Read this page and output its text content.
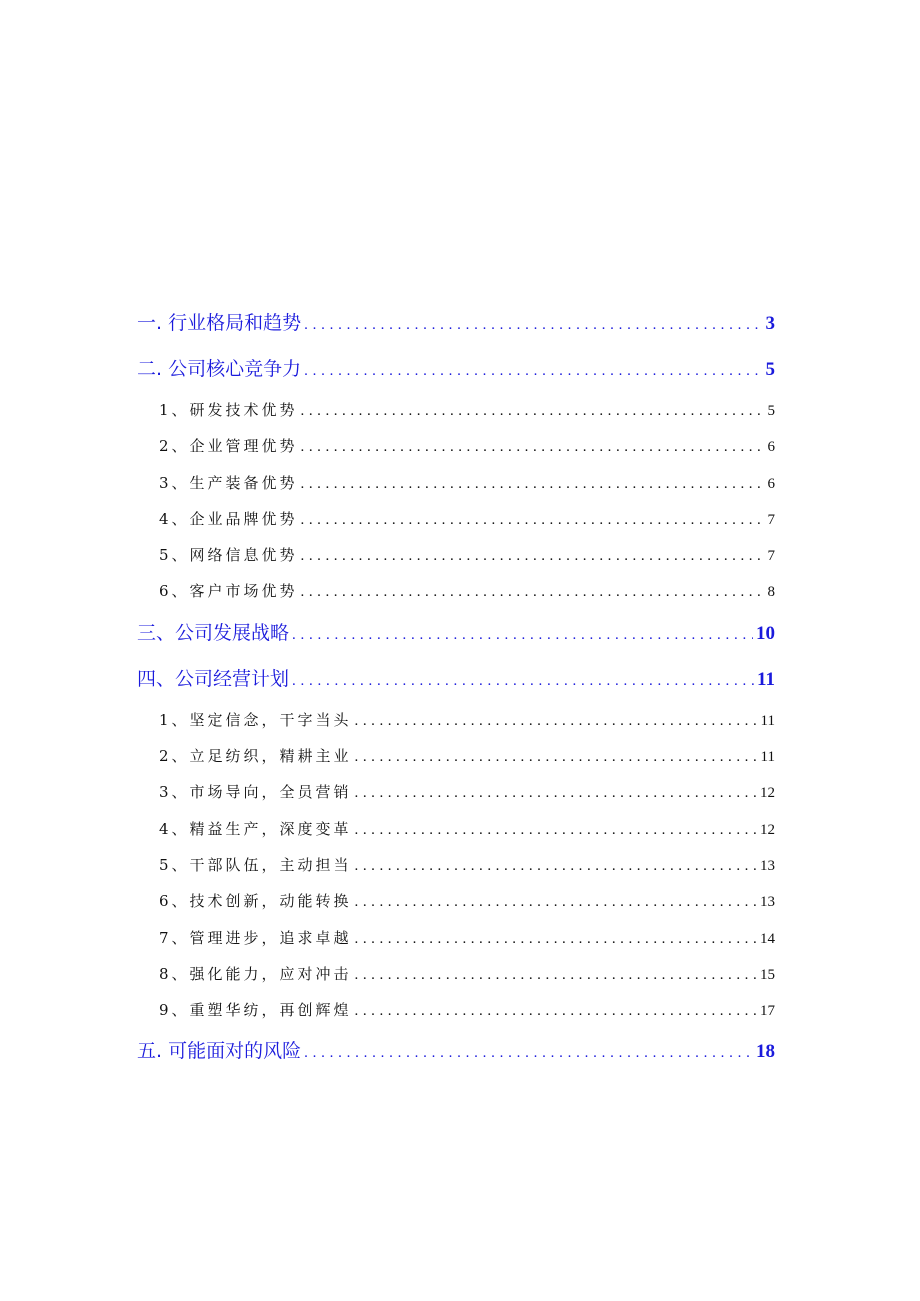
一. 行业格局和趋势 . . .	3
二. 公司核心竞争力 . . .	5
1、研发技术优势 . . .	5
2、企业管理优势 . . .	6
3、生产装备优势 . . .	6
4、企业品牌优势 . . .	7
5、网络信息优势 . . .	7
6、客户市场优势 . . .	8
三、公司发展战略 . . .	10
四、公司经营计划 . . .	11
1、坚定信念，干字当头 . . .	11
2、立足纺织，精耕主业 . . .	11
3、市场导向，全员营销 . . .	12
4、精益生产，深度变革 . . .	12
5、干部队伍，主动担当 . . .	13
6、技术创新，动能转换 . . .	13
7、管理进步，追求卓越 . . .	14
8、强化能力，应对冲击 . . .	15
9、重塑华纺，再创辉煌 . . .	17
五. 可能面对的风险 . . .	18
